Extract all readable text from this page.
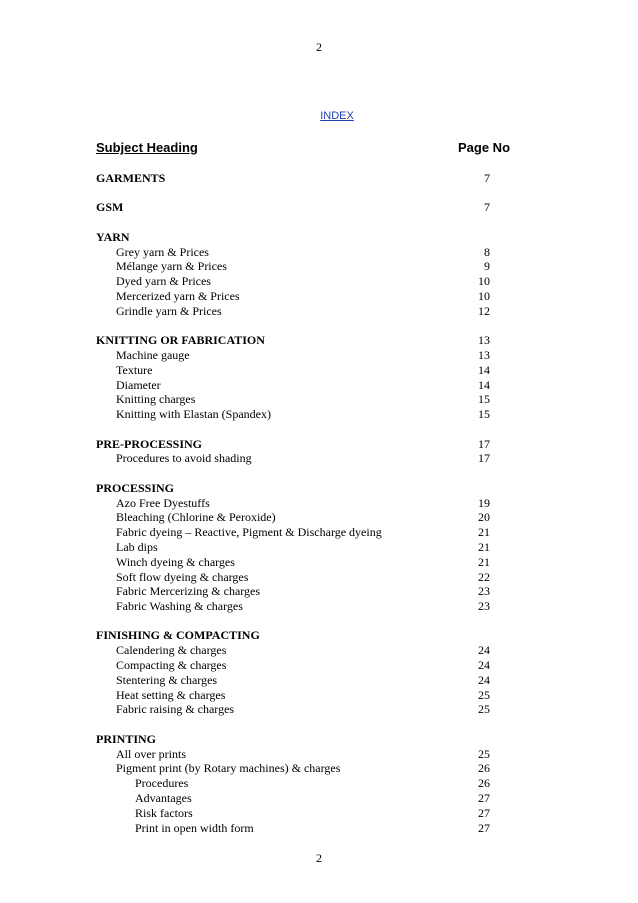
2
INDEX
Subject Heading	Page No
GARMENTS	7
GSM	7
YARN
Grey yarn & Prices	8
Mélange yarn & Prices	9
Dyed yarn & Prices	10
Mercerized yarn & Prices	10
Grindle yarn & Prices	12
KNITTING OR FABRICATION	13
Machine gauge	13
Texture	14
Diameter	14
Knitting charges	15
Knitting with Elastan (Spandex)	15
PRE-PROCESSING	17
Procedures to avoid shading	17
PROCESSING
Azo Free Dyestuffs	19
Bleaching (Chlorine & Peroxide)	20
Fabric dyeing – Reactive, Pigment & Discharge dyeing	21
Lab dips	21
Winch dyeing & charges	21
Soft flow dyeing & charges	22
Fabric Mercerizing & charges	23
Fabric Washing & charges	23
FINISHING & COMPACTING
Calendering & charges	24
Compacting & charges	24
Stentering & charges	24
Heat setting & charges	25
Fabric raising & charges	25
PRINTING
All over prints	25
Pigment print (by Rotary machines) & charges	26
Procedures	26
Advantages	27
Risk factors	27
Print in open width form	27
2
